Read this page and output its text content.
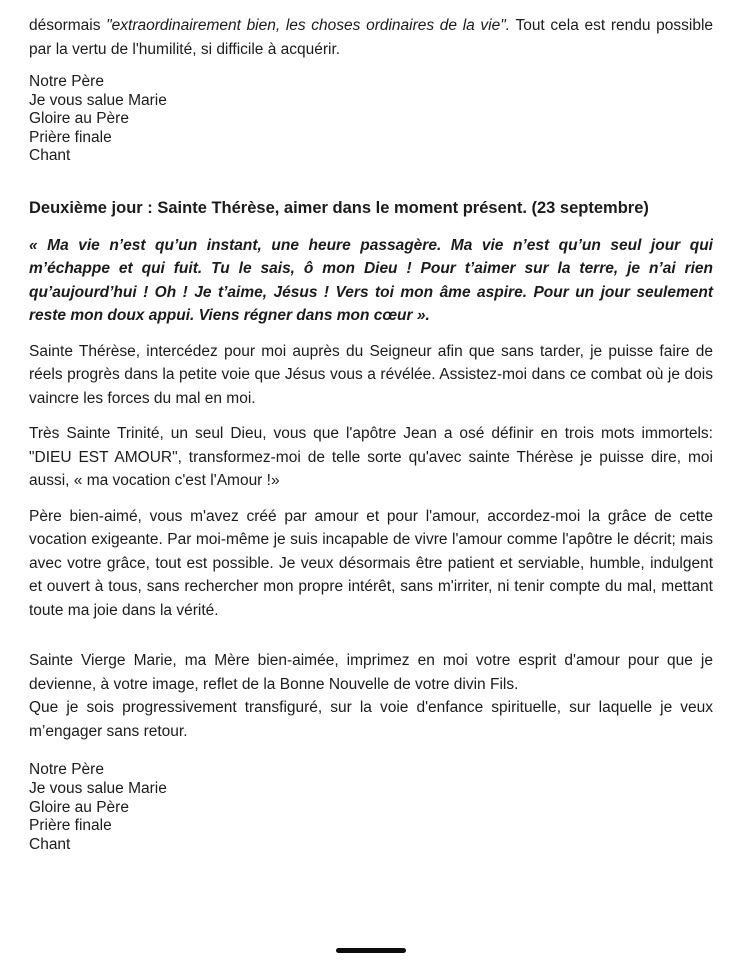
désormais "extraordinairement bien, les choses ordinaires de la vie". Tout cela est rendu possible par la vertu de l'humilité, si difficile à acquérir.

Notre Père
Je vous salue Marie
Gloire au Père
Prière finale
Chant
Deuxième jour : Sainte Thérèse, aimer dans le moment présent. (23 septembre)

« Ma vie n’est qu’un instant, une heure passagère. Ma vie n’est qu’un seul jour qui m’échappe et qui fuit. Tu le sais, ô mon Dieu ! Pour t’aimer sur la terre, je n’ai rien qu’aujourd’hui ! Oh ! Je t’aime, Jésus ! Vers toi mon âme aspire. Pour un jour seulement reste mon doux appui. Viens régner dans mon cœur ».

Sainte Thérèse, intercédez pour moi auprès du Seigneur afin que sans tarder, je puisse faire de réels progrès dans la petite voie que Jésus vous a révélée. Assistez-moi dans ce combat où je dois vaincre les forces du mal en moi.

Très Sainte Trinité, un seul Dieu, vous que l'apôtre Jean a osé définir en trois mots immortels: "DIEU EST AMOUR", transformez-moi de telle sorte qu'avec sainte Thérèse je puisse dire, moi aussi, « ma vocation c'est l'Amour !»

Père bien-aimé, vous m'avez créé par amour et pour l'amour, accordez-moi la grâce de cette vocation exigeante. Par moi-même je suis incapable de vivre l'amour comme l'apôtre le décrit; mais avec votre grâce, tout est possible. Je veux désormais être patient et serviable, humble, indulgent et ouvert à tous, sans rechercher mon propre intérêt, sans m'irriter, ni tenir compte du mal, mettant toute ma joie dans la vérité.

Sainte Vierge Marie, ma Mère bien-aimée, imprimez en moi votre esprit d'amour pour que je devienne, à votre image, reflet de la Bonne Nouvelle de votre divin Fils.
Que je sois progressivement transfiguré, sur la voie d'enfance spirituelle, sur laquelle je veux m’engager sans retour.

Notre Père
Je vous salue Marie
Gloire au Père
Prière finale
Chant
